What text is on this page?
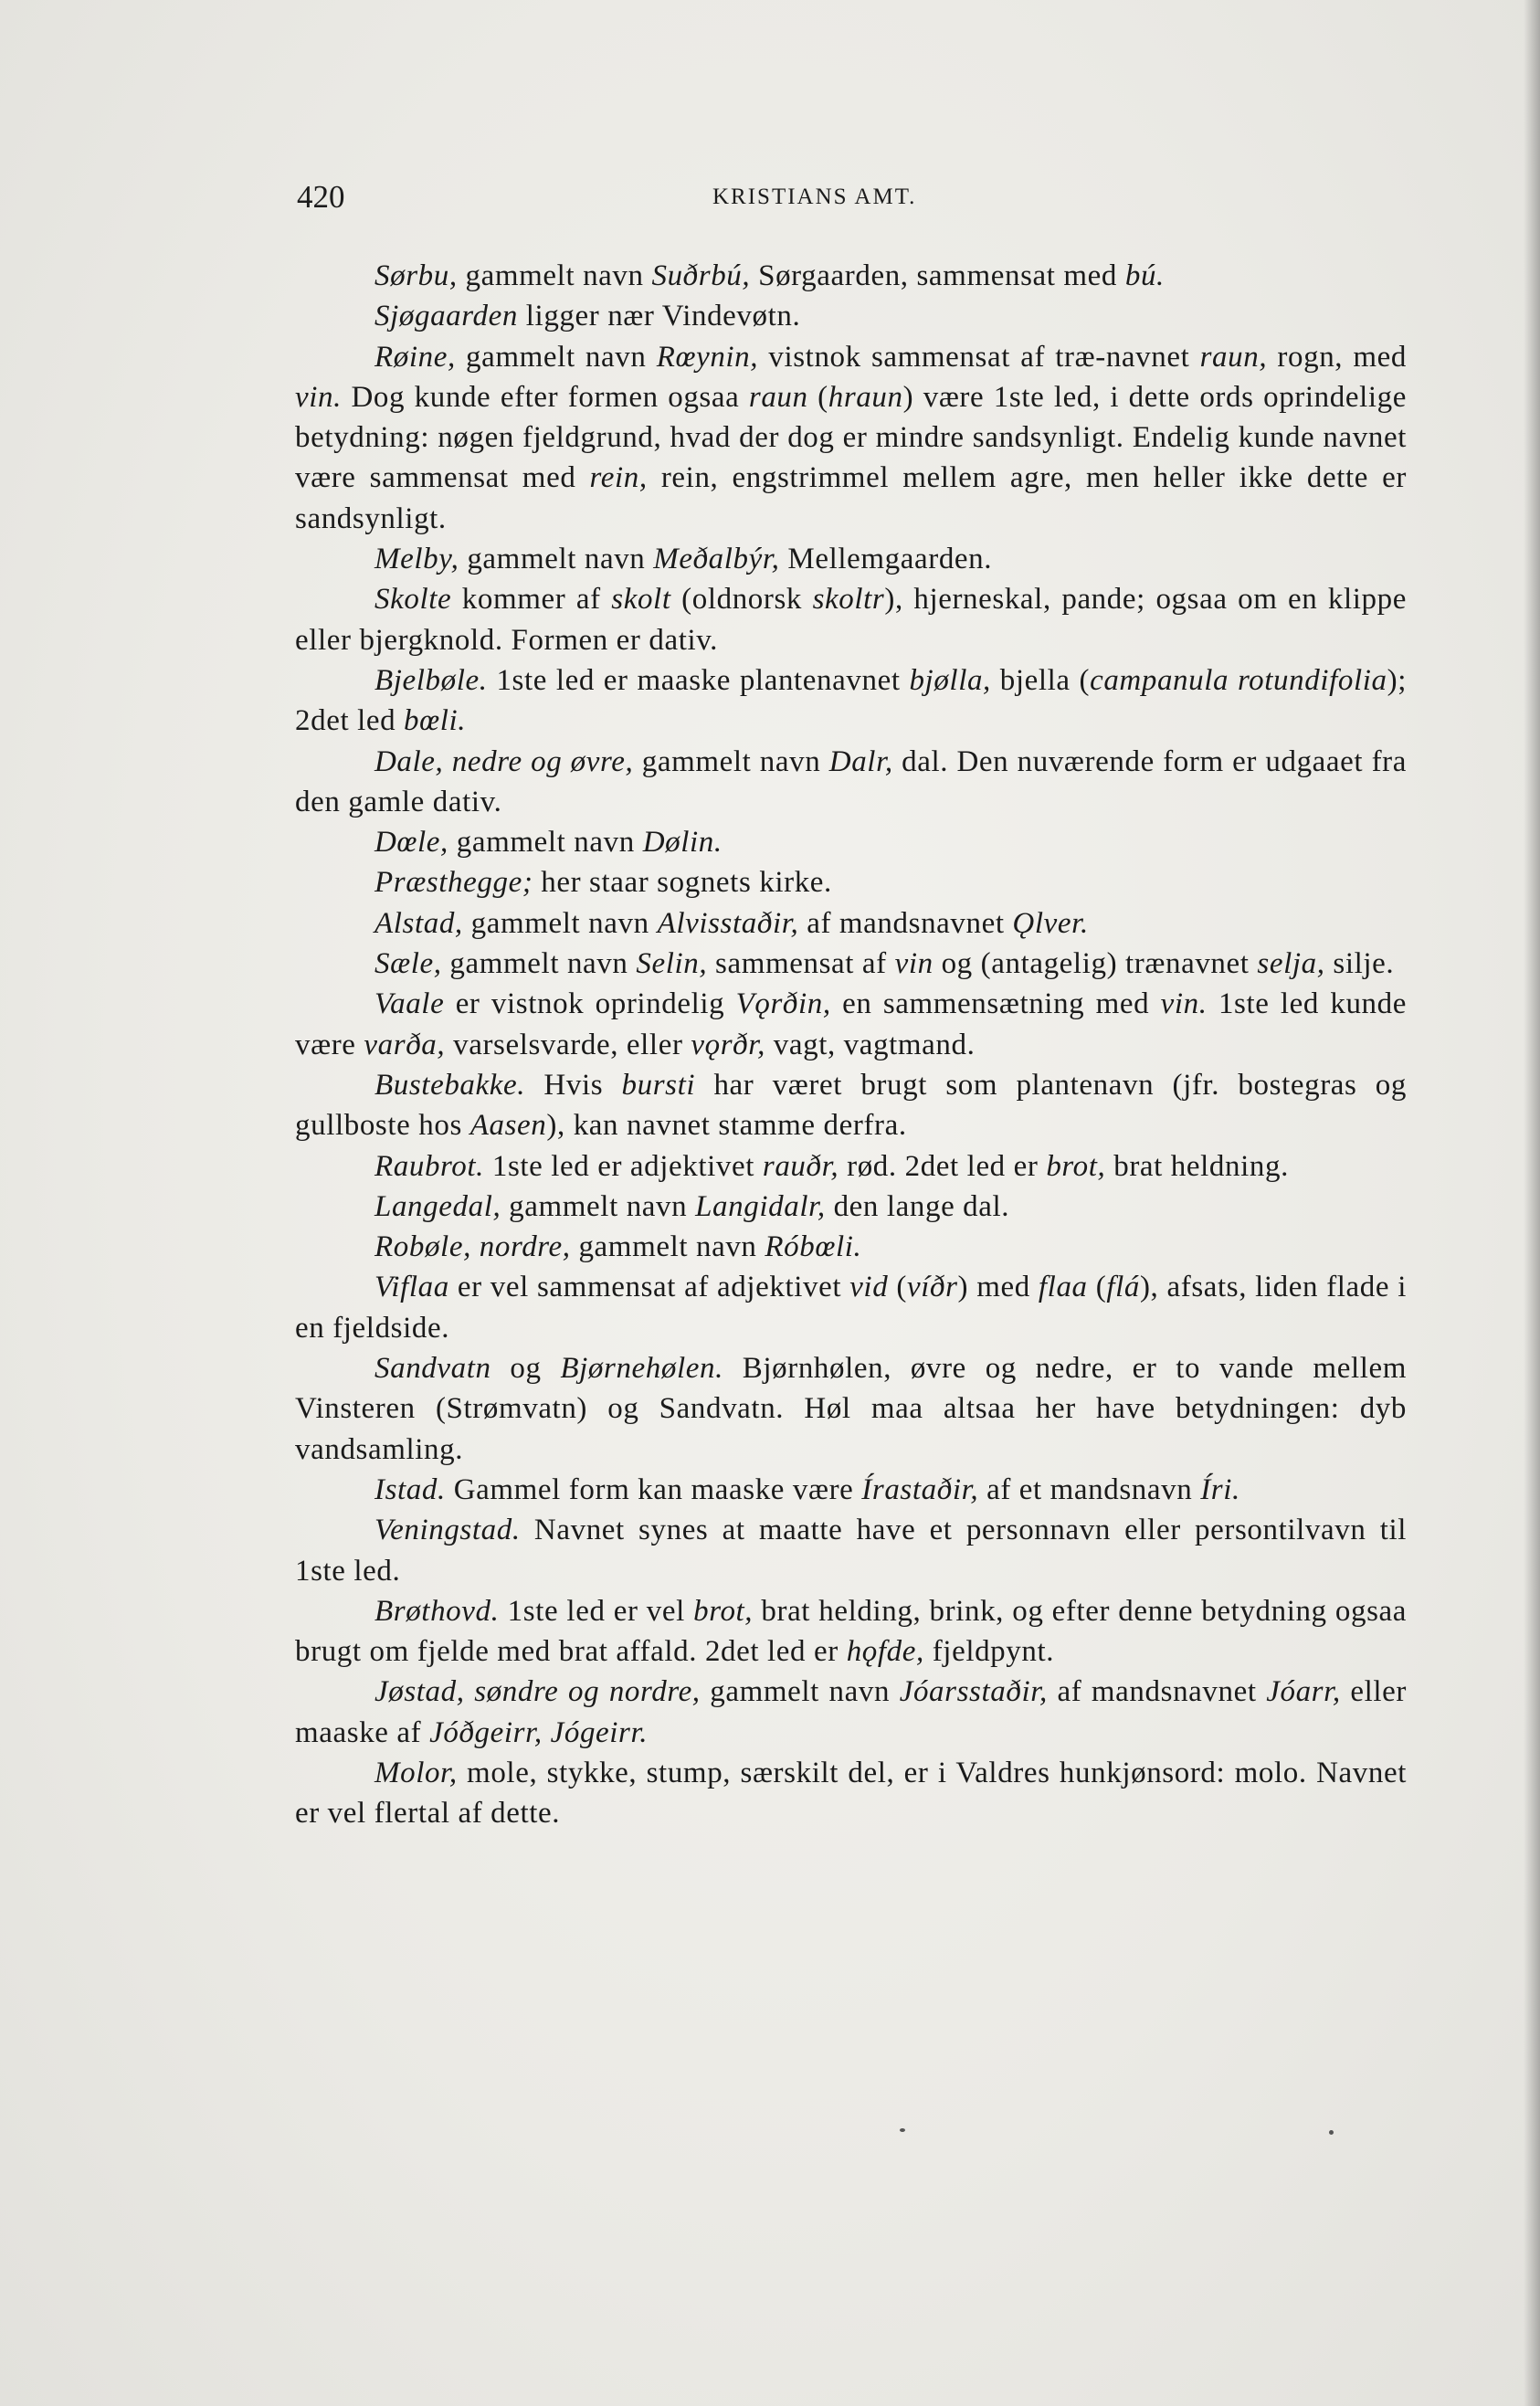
420	KRISTIANS AMT.

Sørbu, gammelt navn Suðrbú, Sørgaarden, sammensat med bú.

Sjøgaarden ligger nær Vindevøtn.

Røine, gammelt navn Rœynin, vistnok sammensat af træ-navnet raun, rogn, med vin. Dog kunde efter formen ogsaa raun (hraun) være 1ste led, i dette ords oprindelige betydning: nøgen fjeldgrund, hvad der dog er mindre sandsynligt. Endelig kunde navnet være sammensat med rein, rein, engstrimmel mellem agre, men heller ikke dette er sandsynligt.

Melby, gammelt navn Meðalbýr, Mellemgaarden.

Skolte kommer af skolt (oldnorsk skoltr), hjerneskal, pande; ogsaa om en klippe eller bjergknold. Formen er dativ.

Bjelbøle. 1ste led er maaske plantenavnet bjølla, bjella (campanula rotundifolia); 2det led bœli.

Dale, nedre og øvre, gammelt navn Dalr, dal. Den nuværende form er udgaaet fra den gamle dativ.

Dœle, gammelt navn Dølin.

Præsthegge; her staar sognets kirke.

Alstad, gammelt navn Alvisstaðir, af mandsnavnet Ǫlver.

Sæle, gammelt navn Selin, sammensat af vin og (antagelig) trænavnet selja, silje.

Vaale er vistnok oprindelig Vǫrðin, en sammensætning med vin. 1ste led kunde være varða, varselsvarde, eller vǫrðr, vagt, vagtmand.

Bustebakke. Hvis bursti har været brugt som plantenavn (jfr. bostegras og gullboste hos Aasen), kan navnet stamme derfra.

Raubrot. 1ste led er adjektivet rauðr, rød. 2det led er brot, brat heldning.

Langedal, gammelt navn Langidalr, den lange dal.

Robøle, nordre, gammelt navn Róbœli.

Viflaa er vel sammensat af adjektivet vid (víðr) med flaa (flá), afsats, liden flade i en fjeldside.

Sandvatn og Bjørnehølen. Bjørnhølen, øvre og nedre, er to vande mellem Vinsteren (Strømvatn) og Sandvatn. Høl maa altsaa her have betydningen: dyb vandsamling.

Istad. Gammel form kan maaske være Írastaðir, af et mandsnavn Íri.

Veningstad. Navnet synes at maatte have et personnavn eller persontilvavn til 1ste led.

Brøthovd. 1ste led er vel brot, brat helding, brink, og efter denne betydning ogsaa brugt om fjelde med brat affald. 2det led er hǫfde, fjeldpynt.

Jøstad, søndre og nordre, gammelt navn Jóarsstaðir, af mandsnavnet Jóarr, eller maaske af Jóðgeirr, Jógeirr.

Molor, mole, stykke, stump, særskilt del, er i Valdres hunkjønsord: molo. Navnet er vel flertal af dette.
